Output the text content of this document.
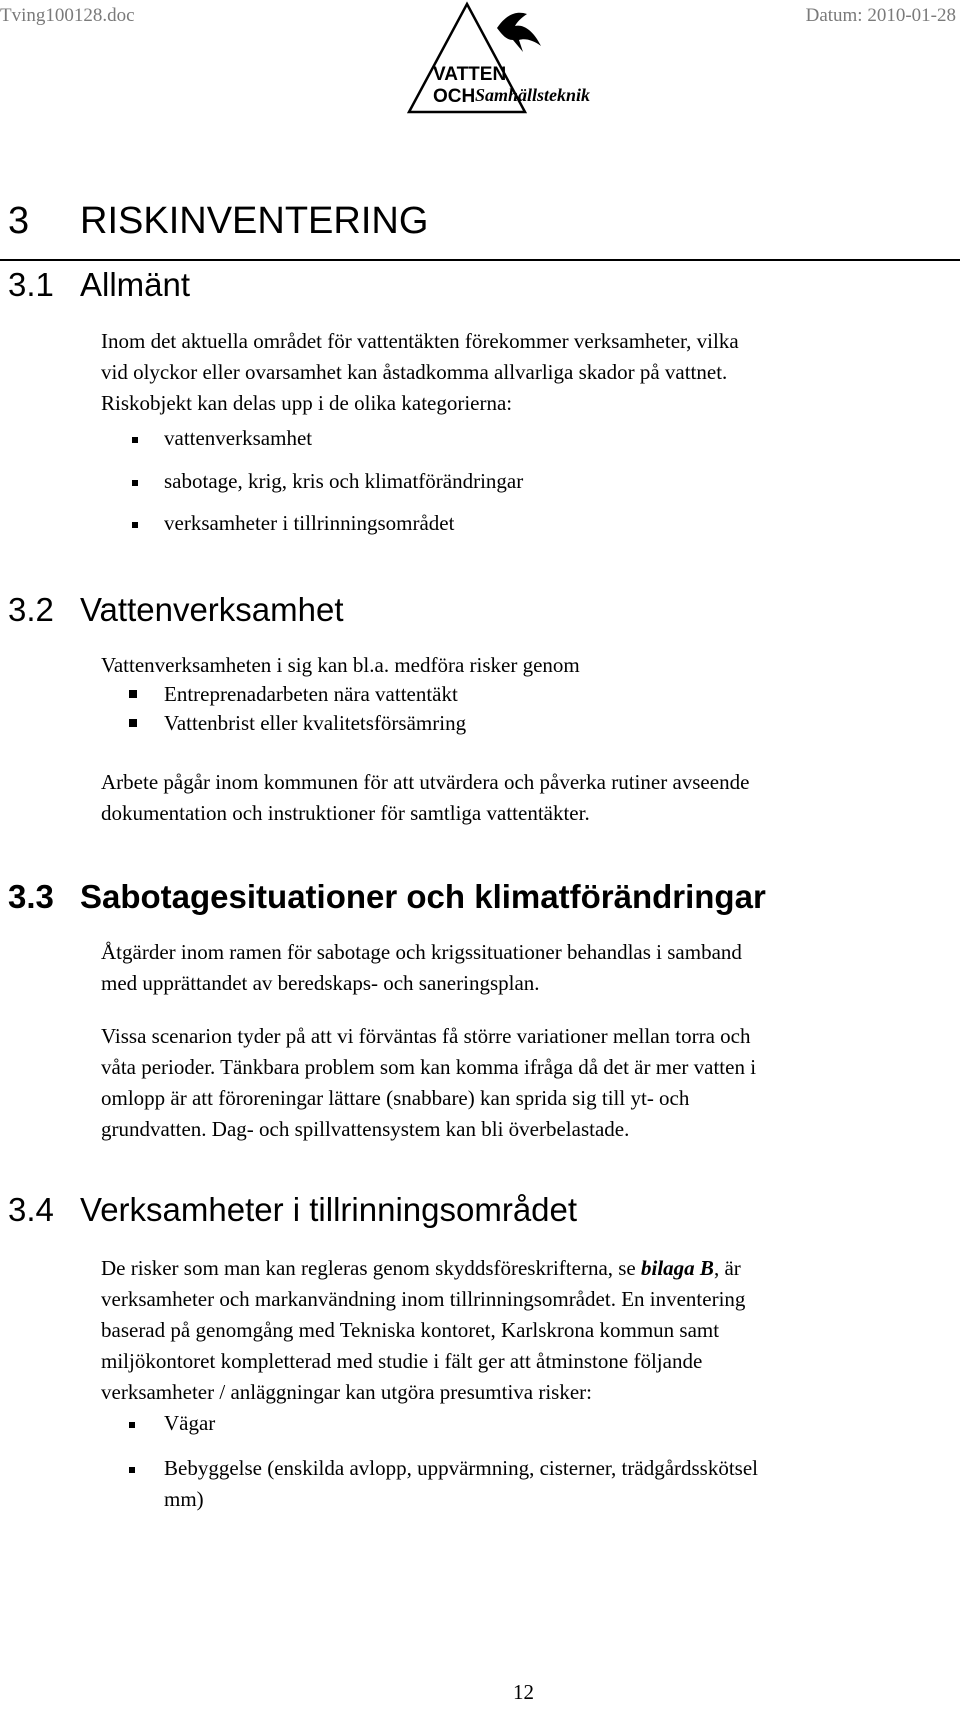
Tving100128.doc	Datum: 2010-01-28
VATTEN
OCH Samhällsteknik
3 RISKINVENTERING
3.1 Allmänt
Inom det aktuella området för vattentäkten förekommer verksamheter, vilka
vid olyckor eller ovarsamhet kan åstadkomma allvarliga skador på vattnet.
Riskobjekt kan delas upp i de olika kategorierna:
vattenverksamhet
sabotage, krig, kris och klimatförändringar
verksamheter i tillrinningsområdet
3.2 Vattenverksamhet
Vattenverksamheten i sig kan bl.a. medföra risker genom
Entreprenadarbeten nära vattentäkt
Vattenbrist eller kvalitetsförsämring
Arbete pågår inom kommunen för att utvärdera och påverka rutiner avseende
dokumentation och instruktioner för samtliga vattentäkter.
3.3 Sabotagesituationer och klimatförändringar
Åtgärder inom ramen för sabotage och krigssituationer behandlas i samband
med upprättandet av beredskaps- och saneringsplan.
Vissa scenarion tyder på att vi förväntas få större variationer mellan torra och
våta perioder. Tänkbara problem som kan komma ifråga då det är mer vatten i
omlopp är att föroreningar lättare (snabbare) kan sprida sig till yt- och
grundvatten. Dag- och spillvattensystem kan bli överbelastade.
3.4 Verksamheter i tillrinningsområdet
De risker som man kan regleras genom skyddsföreskrifterna, se bilaga B, är
verksamheter och markanvändning inom tillrinningsområdet. En inventering
baserad på genomgång med Tekniska kontoret, Karlskrona kommun samt
miljökontoret kompletterad med studie i fält ger att åtminstone följande
verksamheter / anläggningar kan utgöra presumtiva risker:
Vägar
Bebyggelse (enskilda avlopp, uppvärmning, cisterner, trädgårdsskötsel
mm)
12
